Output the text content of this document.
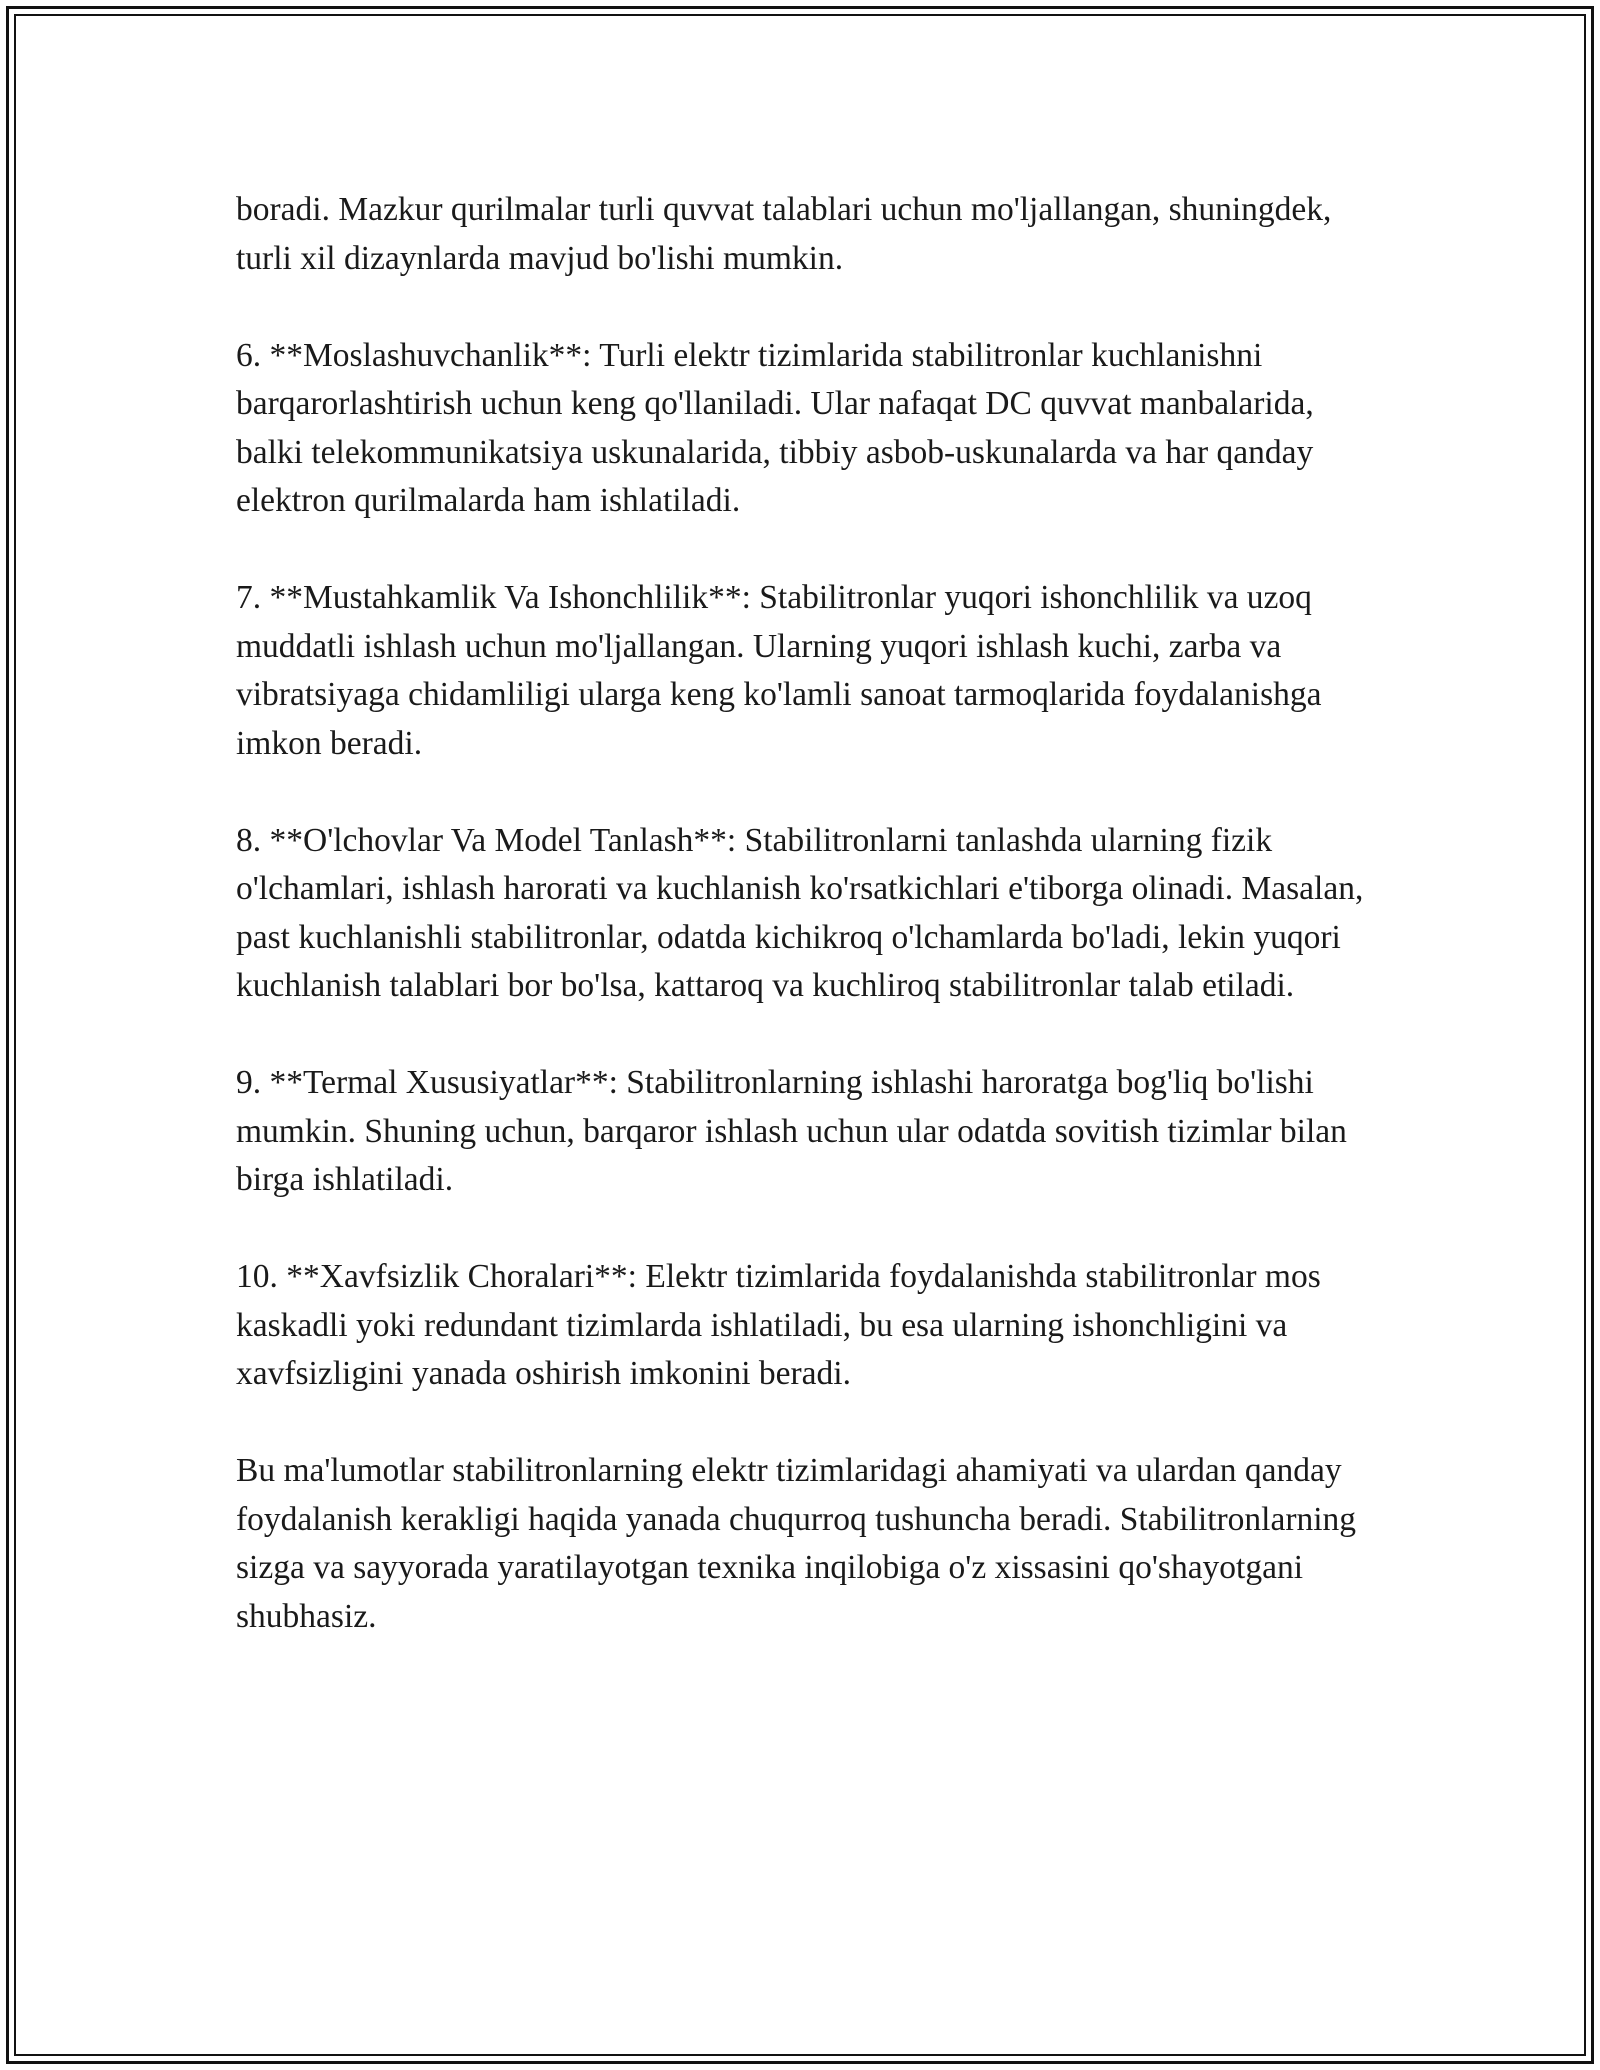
boradi. Mazkur qurilmalar turli quvvat talablari uchun mo'ljallangan, shuningdek, turli xil dizaynlarda mavjud bo'lishi mumkin.

6. **Moslashuvchanlik**: Turli elektr tizimlarida stabilitronlar kuchlanishni barqarorlashtirish uchun keng qo'llaniladi. Ular nafaqat DC quvvat manbalarida, balki telekommunikatsiya uskunalarida, tibbiy asbob-uskunalarda va har qanday elektron qurilmalarda ham ishlatiladi.

7. **Mustahkamlik Va Ishonchlilik**: Stabilitronlar yuqori ishonchlilik va uzoq muddatli ishlash uchun mo'ljallangan. Ularning yuqori ishlash kuchi, zarba va vibratsiyaga chidamliligi ularga keng ko'lamli sanoat tarmoqlarida foydalanishga imkon beradi.

8. **O'lchovlar Va Model Tanlash**: Stabilitronlarni tanlashda ularning fizik o'lchamlari, ishlash harorati va kuchlanish ko'rsatkichlari e'tiborga olinadi. Masalan, past kuchlanishli stabilitronlar, odatda kichikroq o'lchamlarda bo'ladi, lekin yuqori kuchlanish talablari bor bo'lsa, kattaroq va kuchliroq stabilitronlar talab etiladi.

9. **Termal Xususiyatlar**: Stabilitronlarning ishlashi haroratga bog'liq bo'lishi mumkin. Shuning uchun, barqaror ishlash uchun ular odatda sovitish tizimlar bilan birga ishlatiladi.

10. **Xavfsizlik Choralari**: Elektr tizimlarida foydalanishda stabilitronlar mos kaskadli yoki redundant tizimlarda ishlatiladi, bu esa ularning ishonchligini va xavfsizligini yanada oshirish imkonini beradi.

Bu ma'lumotlar stabilitronlarning elektr tizimlaridagi ahamiyati va ulardan qanday foydalanish kerakligi haqida yanada chuqurroq tushuncha beradi. Stabilitronlarning sizga va sayyorada yaratilayotgan texnika inqilobiga o'z xissasini qo'shayotgani shubhasiz.
